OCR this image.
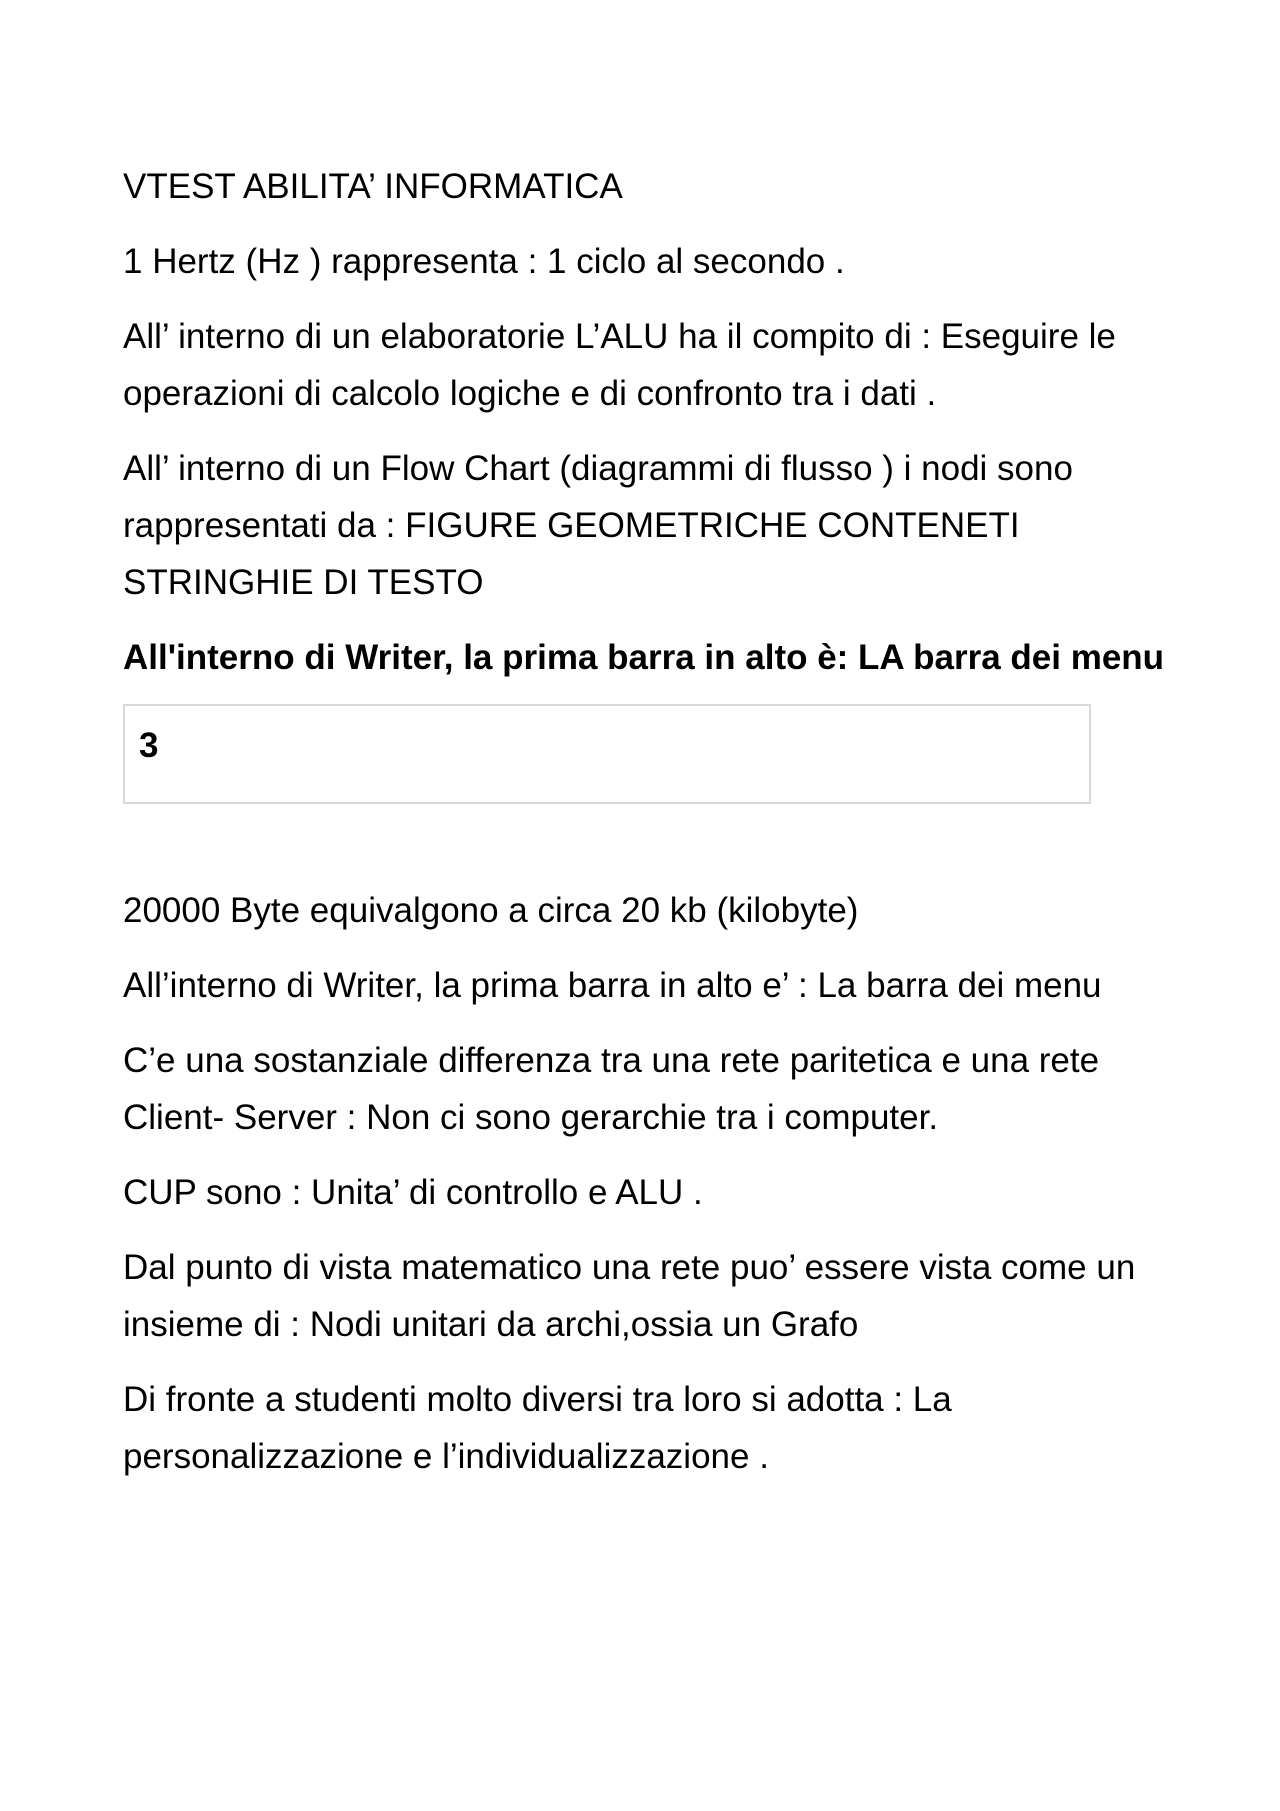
VTEST ABILITA’ INFORMATICA

1 Hertz (Hz ) rappresenta : 1 ciclo al secondo .

All’ interno di un elaboratorie L’ALU ha il compito di : Eseguire le operazioni di calcolo logiche e di confronto tra i dati .

All’ interno di un Flow Chart (diagrammi di flusso ) i nodi sono rappresentati da : FIGURE GEOMETRICHE CONTENETI STRINGHIE DI TESTO

All'interno di Writer, la prima barra in alto è: LA barra dei menu

3

20000 Byte equivalgono a circa 20 kb (kilobyte)

All’interno di Writer, la prima barra in alto e’ : La barra dei menu

C’e una sostanziale differenza tra una rete paritetica e una rete Client- Server : Non ci sono gerarchie tra i computer.

CUP sono : Unita’ di controllo e ALU .

Dal punto di vista matematico una rete puo’ essere vista come un insieme di : Nodi unitari da archi,ossia un Grafo

Di fronte a studenti molto diversi tra loro si adotta : La personalizzazione e l’individualizzazione .
